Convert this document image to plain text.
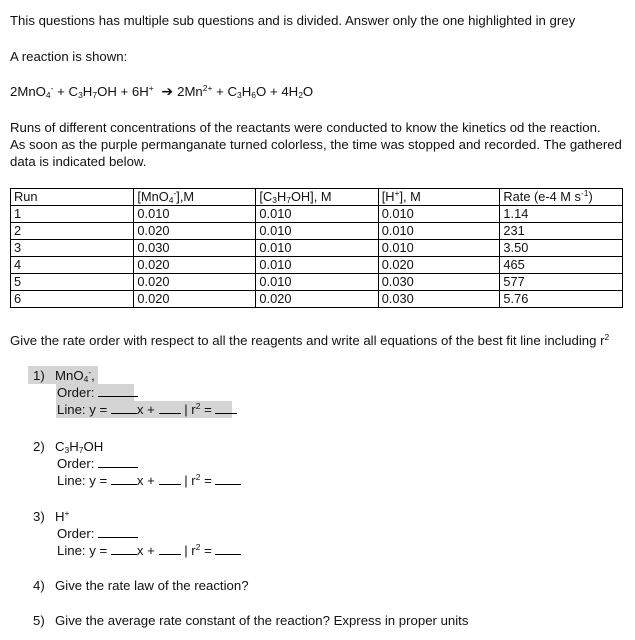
This questions has multiple sub questions and is divided. Answer only the one highlighted in grey
A reaction is shown:
$2MnO_4^- + C_3H_7OH + 6H^+$ ➔ $2Mn^{2+} + C_3H_6O + 4H_2O$
Runs of different concentrations of the reactants were conducted to know the kinetics od the reaction.
As soon as the purple permanganate turned colorless, the time was stopped and recorded. The gathered
data is indicated below.
Run	[MnO$_4$-],M	$[C_3H_7OH]$, M	[H+], M	Rate (e-4 M $s^{-1}$)
1	0.010	0.010	0.010	1.14
2	0.020	0.010	0.010	231
3	0.030	0.010	0.010	3.50
4	0.020	0.010	0.020	465
5	0.020	0.010	0.030	577
6	0.020	0.020	0.030	5.76
Give the rate order with respect to all the reagents and write all equations of the best fit line including $r^2$
1) MnO$_4$-,
Order:
Line: y = x + | $r^2$ =
2) $C_3H_7OH$
Order:
Line: y = x + | $r^2$ =
3) H+
Order:
Line: y = x + | $r^2$ =
4) Give the rate law of the reaction?
5) Give the average rate constant of the reaction? Express in proper units
